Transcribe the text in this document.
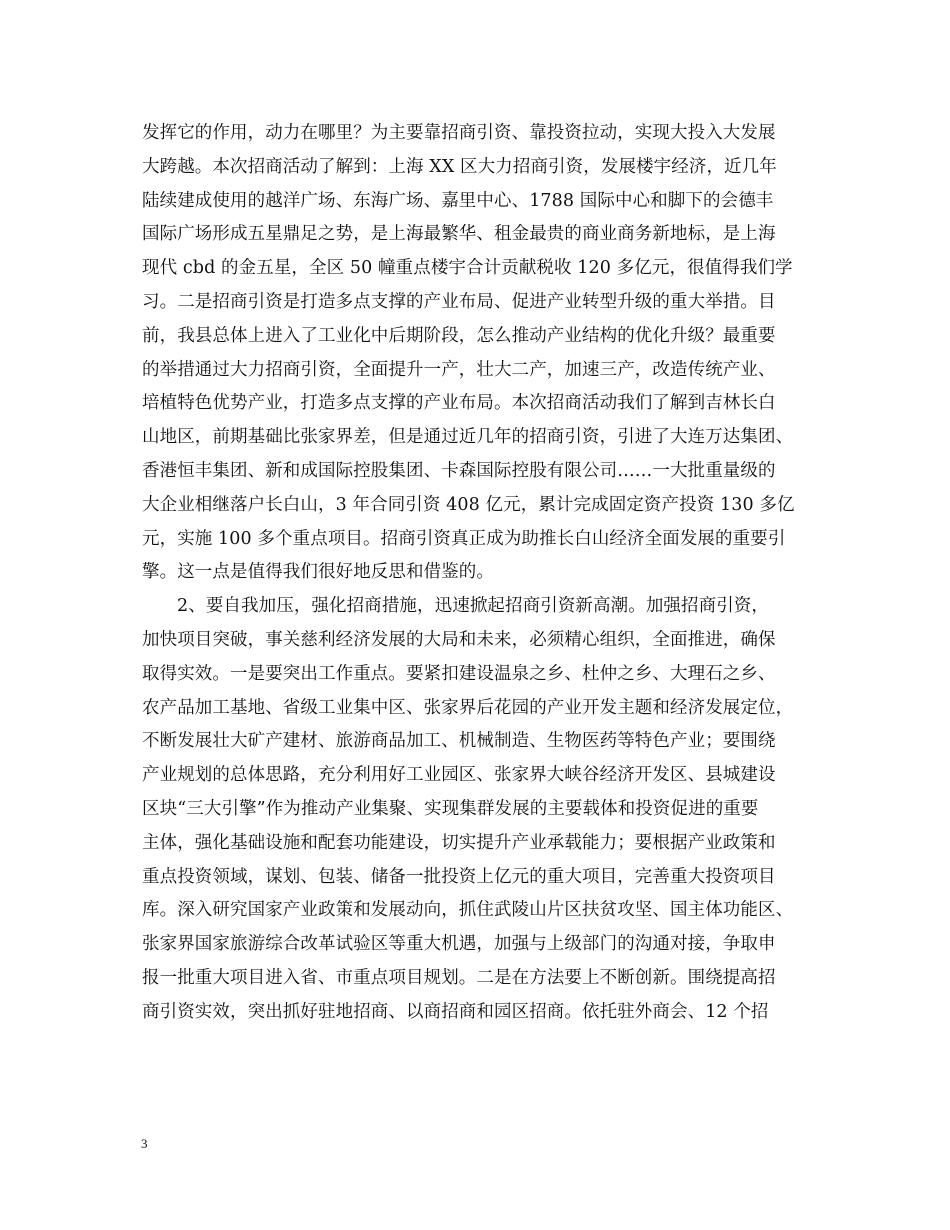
发挥它的作用，动力在哪里？为主要靠招商引资、靠投资拉动，实现大投入大发展
大跨越。本次招商活动了解到：上海 XX 区大力招商引资，发展楼宇经济，近几年
陆续建成使用的越洋广场、东海广场、嘉里中心、1788 国际中心和脚下的会德丰
国际广场形成五星鼎足之势，是上海最繁华、租金最贵的商业商务新地标，是上海
现代 cbd 的金五星，全区 50 幢重点楼宇合计贡献税收 120 多亿元，很值得我们学
习。二是招商引资是打造多点支撑的产业布局、促进产业转型升级的重大举措。目
前，我县总体上进入了工业化中后期阶段，怎么推动产业结构的优化升级？最重要
的举措通过大力招商引资，全面提升一产，壮大二产，加速三产，改造传统产业、
培植特色优势产业，打造多点支撑的产业布局。本次招商活动我们了解到吉林长白
山地区，前期基础比张家界差，但是通过近几年的招商引资，引进了大连万达集团、
香港恒丰集团、新和成国际控股集团、卡森国际控股有限公司……一大批重量级的
大企业相继落户长白山，3 年合同引资 408 亿元，累计完成固定资产投资 130 多亿
元，实施 100 多个重点项目。招商引资真正成为助推长白山经济全面发展的重要引
擎。这一点是值得我们很好地反思和借鉴的。
2、要自我加压，强化招商措施，迅速掀起招商引资新高潮。加强招商引资，
加快项目突破，事关慈利经济发展的大局和未来，必须精心组织，全面推进，确保
取得实效。一是要突出工作重点。要紧扣建设温泉之乡、杜仲之乡、大理石之乡、
农产品加工基地、省级工业集中区、张家界后花园的产业开发主题和经济发展定位，
不断发展壮大矿产建材、旅游商品加工、机械制造、生物医药等特色产业；要围绕
产业规划的总体思路，充分利用好工业园区、张家界大峡谷经济开发区、县城建设
区块“三大引擎”作为推动产业集聚、实现集群发展的主要载体和投资促进的重要
主体，强化基础设施和配套功能建设，切实提升产业承载能力；要根据产业政策和
重点投资领域，谋划、包装、储备一批投资上亿元的重大项目，完善重大投资项目
库。深入研究国家产业政策和发展动向，抓住武陵山片区扶贫攻坚、国主体功能区、
张家界国家旅游综合改革试验区等重大机遇，加强与上级部门的沟通对接，争取申
报一批重大项目进入省、市重点项目规划。二是在方法要上不断创新。围绕提高招
商引资实效，突出抓好驻地招商、以商招商和园区招商。依托驻外商会、12 个招
3
